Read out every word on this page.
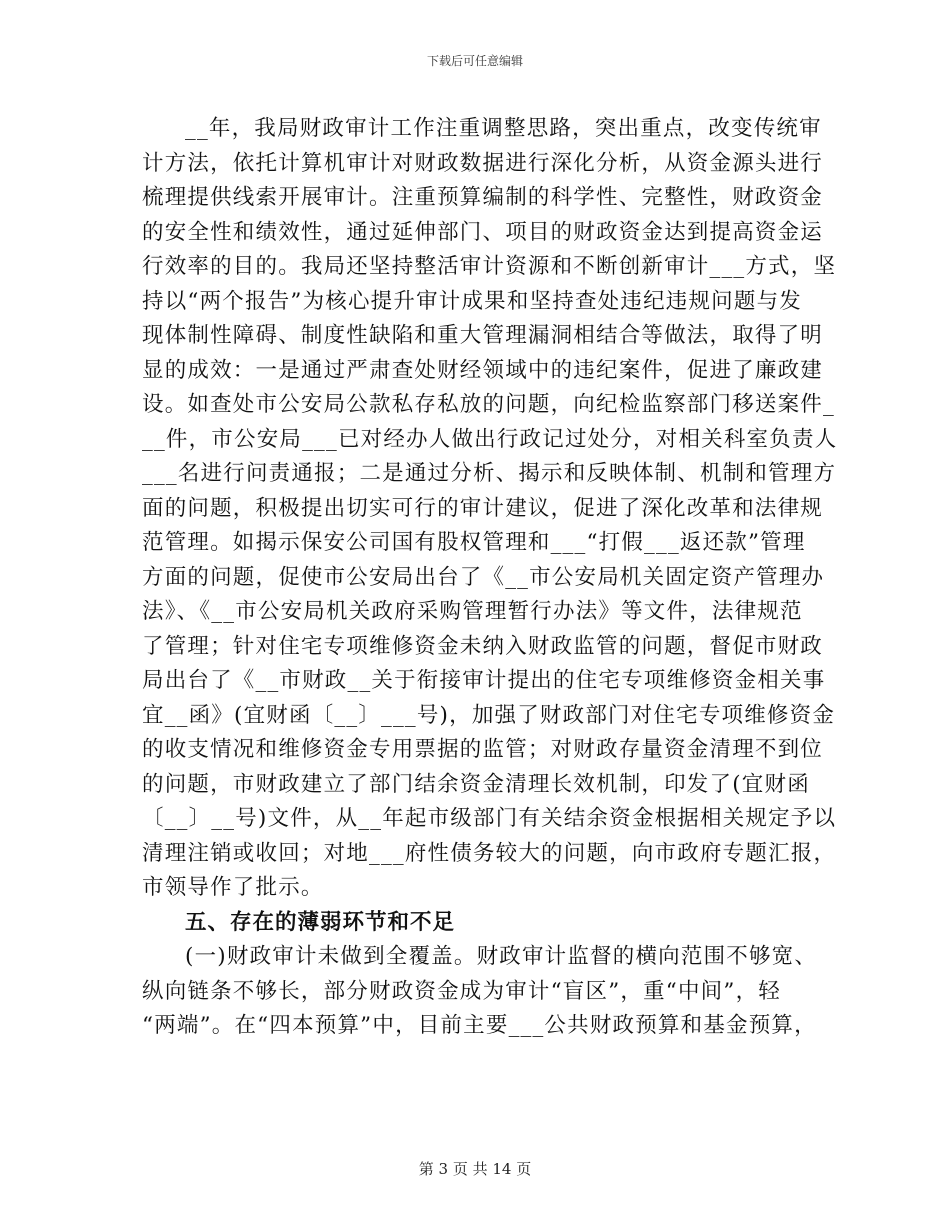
下载后可任意编辑
__年，我局财政审计工作注重调整思路，突出重点，改变传统审
计方法，依托计算机审计对财政数据进行深化分析，从资金源头进行
梳理提供线索开展审计。注重预算编制的科学性、完整性，财政资金
的安全性和绩效性，通过延伸部门、项目的财政资金达到提高资金运
行效率的目的。我局还坚持整活审计资源和不断创新审计___方式，坚
持以“两个报告”为核心提升审计成果和坚持查处违纪违规问题与发
现体制性障碍、制度性缺陷和重大管理漏洞相结合等做法，取得了明
显的成效：一是通过严肃查处财经领域中的违纪案件，促进了廉政建
设。如查处市公安局公款私存私放的问题，向纪检监察部门移送案件_
__件，市公安局___已对经办人做出行政记过处分，对相关科室负责人
___名进行问责通报；二是通过分析、揭示和反映体制、机制和管理方
面的问题，积极提出切实可行的审计建议，促进了深化改革和法律规
范管理。如揭示保安公司国有股权管理和___“打假___返还款”管理
方面的问题，促使市公安局出台了《__市公安局机关固定资产管理办
法》、《__市公安局机关政府采购管理暂行办法》等文件，法律规范
了管理；针对住宅专项维修资金未纳入财政监管的问题，督促市财政
局出台了《__市财政__关于衔接审计提出的住宅专项维修资金相关事
宜__函》(宜财函〔__〕___号)，加强了财政部门对住宅专项维修资金
的收支情况和维修资金专用票据的监管；对财政存量资金清理不到位
的问题，市财政建立了部门结余资金清理长效机制，印发了(宜财函
〔__〕__号)文件，从__年起市级部门有关结余资金根据相关规定予以
清理注销或收回；对地___府性债务较大的问题，向市政府专题汇报，
市领导作了批示。
五、存在的薄弱环节和不足
(一)财政审计未做到全覆盖。财政审计监督的横向范围不够宽、
纵向链条不够长，部分财政资金成为审计“盲区”，重“中间”，轻
“两端”。在“四本预算”中，目前主要___公共财政预算和基金预算，
第 3 页 共 14 页
